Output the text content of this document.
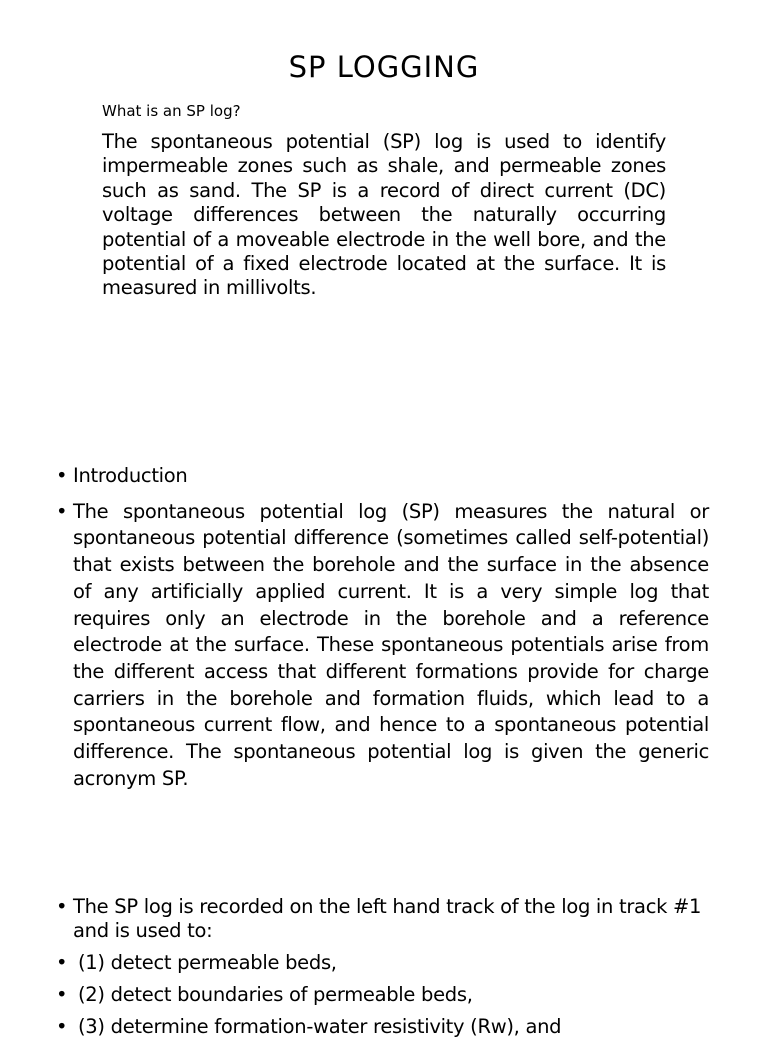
SP LOGGING
What is an SP log?
The spontaneous potential (SP) log is used to identify impermeable zones such as shale, and permeable zones such as sand. The SP is a record of direct current (DC) voltage differences between the naturally occurring potential of a moveable electrode in the well bore, and the potential of a fixed electrode located at the surface. It is measured in millivolts.
• Introduction
• The spontaneous potential log (SP) measures the natural or spontaneous potential difference (sometimes called self-potential) that exists between the borehole and the surface in the absence of any artificially applied current. It is a very simple log that requires only an electrode in the borehole and a reference electrode at the surface. These spontaneous potentials arise from the different access that different formations provide for charge carriers in the borehole and formation fluids, which lead to a spontaneous current flow, and hence to a spontaneous potential difference. The spontaneous potential log is given the generic acronym SP.
• The SP log is recorded on the left hand track of the log in track #1 and is used to:
• (1) detect permeable beds,
• (2) detect boundaries of permeable beds,
• (3) determine formation-water resistivity (Rw), and
